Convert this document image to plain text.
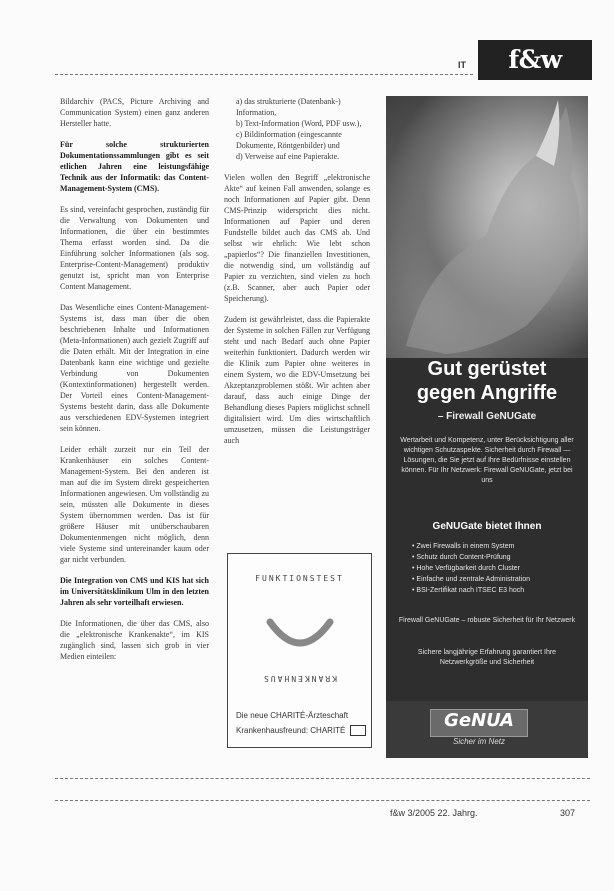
IT	f&w

Bildarchiv (PACS, Picture Archiving and Communication System) einen ganz anderen Hersteller hatte.

Für solche strukturierten Dokumentationssammlungen gibt es seit etlichen Jahren eine leistungsfähige Technik aus der Informatik: das Content-Management-System (CMS).

Es sind, vereinfacht gesprochen, zuständig für die Verwaltung von Dokumenten und Informationen, die über ein bestimmtes Thema erfasst worden sind. Da die Einführung solcher Informationen (als sog. Enterprise-Content-Management) produktiv genutzt ist, spricht man von Enterprise Content Management.

Das Wesentliche eines Content-Management-Systems ist, dass man über die oben beschriebenen Inhalte und Informationen (Meta-Informationen) auch gezielt Zugriff auf die Daten erhält. Mit der Integration in eine Datenbank kann eine wichtige und gezielte Verbindung von Dokumenten (Kontextinformationen) hergestellt werden. Der Vorteil eines Content-Management-Systems besteht darin, dass alle Dokumente aus verschiedenen EDV-Systemen integriert sein können.

Leider erhält zurzeit nur ein Teil der Krankenhäuser ein solches Content-Management-System. Bei den anderen ist man auf die im System direkt gespeicherten Informationen angewiesen. Um vollständig zu sein, müssten alle Dokumente in dieses System übernommen werden. Das ist für größere Häuser mit unüberschaubaren Dokumentenmengen nicht möglich, denn viele Systeme sind untereinander kaum oder gar nicht verbunden.

Die Integration von CMS und KIS hat sich im Universitätsklinikum Ulm in den letzten Jahren als sehr vorteilhaft erwiesen.

Die Informationen, die über das CMS, also die „elektronische Krankenakte“, im KIS zugänglich sind, lassen sich grob in vier Medien einteilen:

a) das strukturierte (Datenbank-) Information,
b) Text-Information (Word, PDF usw.),
c) Bildinformation (eingescannte Dokumente, Röntgenbilder) und
d) Verweise auf eine Papierakte.

Vielen wollen den Begriff „elektronische Akte“ auf keinen Fall anwenden, solange es noch Informationen auf Papier gibt. Denn CMS-Prinzip widerspricht dies nicht. Informationen auf Papier und deren Fundstelle bildet auch das CMS ab. Und selbst wir ehrlich: Wie lebt schon „papierlos“? Die finanziellen Investitionen, die notwendig sind, um vollständig auf Papier zu verzichten, sind vielen zu hoch (z.B. Scanner, aber auch Papier oder Speicherung).

Zudem ist gewährleistet, dass die Papierakte der Systeme in solchen Fällen zur Verfügung steht und nach Bedarf auch ohne Papier weiterhin funktioniert. Dadurch werden wir die Klinik zum Papier ohne weiteres in einem System, wo die EDV-Umsetzung bei Akzeptanzproblemen stößt. Wir achten aber darauf, dass auch einige Dinge der Behandlung dieses Papiers möglichst schnell digitalisiert wird. Um dies wirtschaftlich umzusetzen, müssen die Leistungsträger auch

FUNKTIONSTEST
KRANKENHAUS
Die neue CHARITÉ-Ärzteschaft
Krankenhausfreund: CHARITÉ
Gut gerüstet
gegen Angriffe
– Firewall GeNUGate
Wertarbeit und Kompetenz, unter Berücksichtigung aller wichtigen Schutzaspekte. Sicherheit durch Firewall — Lösungen, die Sie jetzt auf Ihre Bedürfnisse einstellen können. Für Ihr Netzwerk: Firewall GeNUGate, jetzt bei uns
GeNUGate bietet Ihnen
• Zwei Firewalls in einem System
• Schutz durch Content-Prüfung
• Hohe Verfügbarkeit durch Cluster
• Einfache und zentrale Administration
• BSI-Zertifikat nach ITSEC E3 hoch
Firewall GeNUGate – robuste Sicherheit für Ihr Netzwerk
Sichere langjährige Erfahrung garantiert Ihre Netzwerkgröße und Sicherheit
GeNUA
Sicher im Netz
f&w 3/2005 22. Jahrg.	307
